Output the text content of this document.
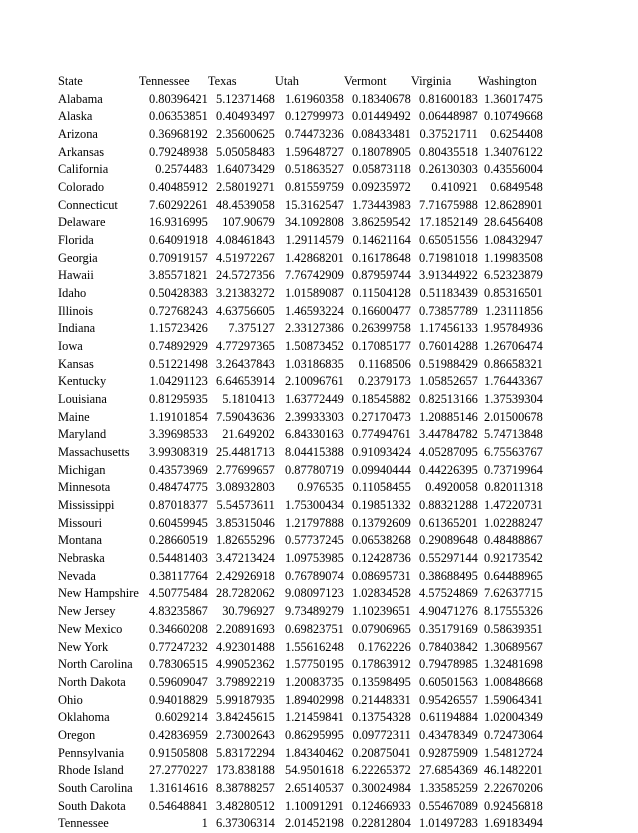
State	Tennessee	Texas	Utah	Vermont	Virginia	Washington
Alabama	0.80396421	5.12371468	1.61960358	0.18340678	0.81600183	1.36017475
Alaska	0.06353851	0.40493497	0.12799973	0.01449492	0.06448987	0.10749668
Arizona	0.36968192	2.35600625	0.74473236	0.08433481	0.37521711	0.6254408
Arkansas	0.79248938	5.05058483	1.59648727	0.18078905	0.80435518	1.34076122
California	0.2574483	1.64073429	0.51863527	0.05873118	0.26130303	0.43556004
Colorado	0.40485912	2.58019271	0.81559759	0.09235972	0.410921	0.6849548
Connecticut	7.60292261	48.4539058	15.3162547	1.73443983	7.71675988	12.8628901
Delaware	16.9316995	107.90679	34.1092808	3.86259542	17.1852149	28.6456408
Florida	0.64091918	4.08461843	1.29114579	0.14621164	0.65051556	1.08432947
Georgia	0.70919157	4.51972267	1.42868201	0.16178648	0.71981018	1.19983508
Hawaii	3.85571821	24.5727356	7.76742909	0.87959744	3.91344922	6.52323879
Idaho	0.50428383	3.21383272	1.01589087	0.11504128	0.51183439	0.85316501
Illinois	0.72768243	4.63756605	1.46593224	0.16600477	0.73857789	1.23111856
Indiana	1.15723426	7.375127	2.33127386	0.26399758	1.17456133	1.95784936
Iowa	0.74892929	4.77297365	1.50873452	0.17085177	0.76014288	1.26706474
Kansas	0.51221498	3.26437843	1.03186835	0.1168506	0.51988429	0.86658321
Kentucky	1.04291123	6.64653914	2.10096761	0.2379173	1.05852657	1.76443367
Louisiana	0.81295935	5.1810413	1.63772449	0.18545882	0.82513166	1.37539304
Maine	1.19101854	7.59043636	2.39933303	0.27170473	1.20885146	2.01500678
Maryland	3.39698533	21.649202	6.84330163	0.77494761	3.44784782	5.74713848
Massachusetts	3.99308319	25.4481713	8.04415388	0.91093424	4.05287095	6.75563767
Michigan	0.43573969	2.77699657	0.87780719	0.09940444	0.44226395	0.73719964
Minnesota	0.48474775	3.08932803	0.976535	0.11058455	0.4920058	0.82011318
Mississippi	0.87018377	5.54573611	1.75300434	0.19851332	0.88321288	1.47220731
Missouri	0.60459945	3.85315046	1.21797888	0.13792609	0.61365201	1.02288247
Montana	0.28660519	1.82655296	0.57737245	0.06538268	0.29089648	0.48488867
Nebraska	0.54481403	3.47213424	1.09753985	0.12428736	0.55297144	0.92173542
Nevada	0.38117764	2.42926918	0.76789074	0.08695731	0.38688495	0.64488965
New Hampshire	4.50775484	28.7282062	9.08097123	1.02834528	4.57524869	7.62637715
New Jersey	4.83235867	30.796927	9.73489279	1.10239651	4.90471276	8.17555326
New Mexico	0.34660208	2.20891693	0.69823751	0.07906965	0.35179169	0.58639351
New York	0.77247232	4.92301488	1.55616248	0.1762226	0.78403842	1.30689567
North Carolina	0.78306515	4.99052362	1.57750195	0.17863912	0.79478985	1.32481698
North Dakota	0.59609047	3.79892219	1.20083735	0.13598495	0.60501563	1.00848668
Ohio	0.94018829	5.99187935	1.89402998	0.21448331	0.95426557	1.59064341
Oklahoma	0.6029214	3.84245615	1.21459841	0.13754328	0.61194884	1.02004349
Oregon	0.42836959	2.73002643	0.86295995	0.09772311	0.43478349	0.72473064
Pennsylvania	0.91505808	5.83172294	1.84340462	0.20875041	0.92875909	1.54812724
Rhode Island	27.2770227	173.838188	54.9501618	6.22265372	27.6854369	46.1482201
South Carolina	1.31614616	8.38788257	2.65140537	0.30024984	1.33585259	2.22670206
South Dakota	0.54648841	3.48280512	1.10091291	0.12466933	0.55467089	0.92456818
Tennessee	1	6.37306314	2.01452198	0.22812804	1.01497283	1.69183494
